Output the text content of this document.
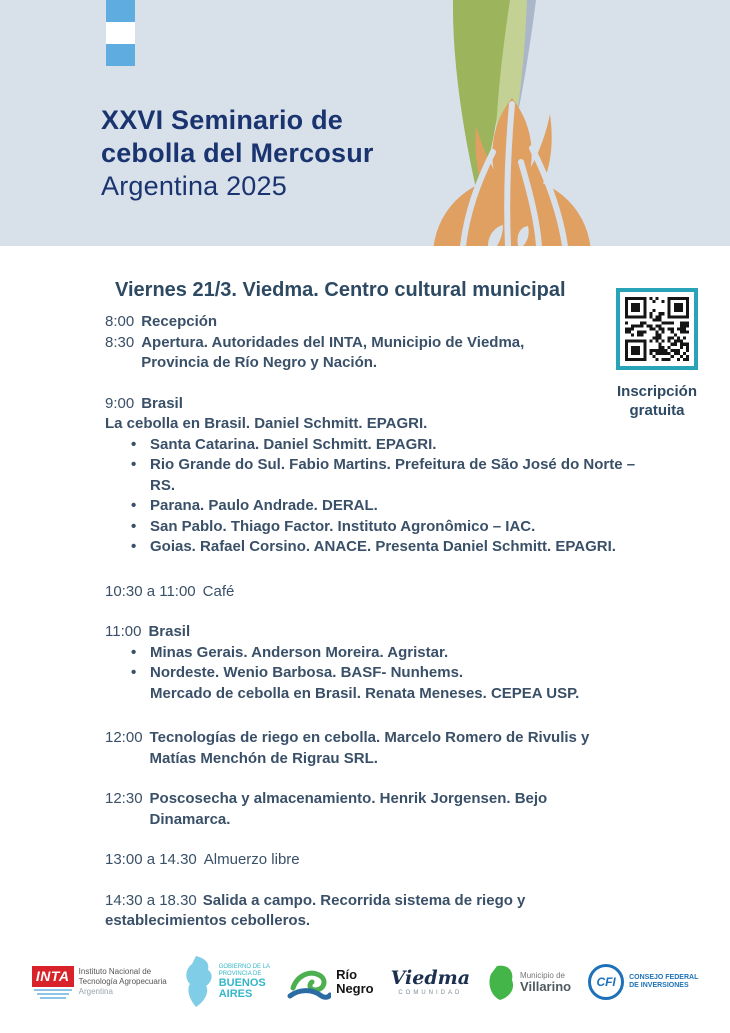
XXVI Seminario de
cebolla del Mercosur
Argentina 2025
Viernes 21/3. Viedma. Centro cultural municipal
Inscripción
gratuita
8:00 Recepción
8:30 Apertura. Autoridades del INTA, Municipio de Viedma,
Provincia de Río Negro y Nación.
9:00 Brasil
La cebolla en Brasil. Daniel Schmitt. EPAGRI.
• Santa Catarina. Daniel Schmitt. EPAGRI.
• Rio Grande do Sul. Fabio Martins. Prefeitura de São José do Norte – RS.
• Parana. Paulo Andrade. DERAL.
• San Pablo. Thiago Factor. Instituto Agronômico – IAC.
• Goias. Rafael Corsino. ANACE. Presenta Daniel Schmitt. EPAGRI.
10:30 a 11:00 Café
11:00 Brasil
• Minas Gerais. Anderson Moreira. Agristar.
• Nordeste. Wenio Barbosa. BASF- Nunhems.
Mercado de cebolla en Brasil. Renata Meneses. CEPEA USP.
12:00 Tecnologías de riego en cebolla. Marcelo Romero de Rivulis y
Matías Menchón de Rigrau SRL.
12:30 Poscosecha y almacenamiento. Henrik Jorgensen. Bejo
Dinamarca.
13:00 a 14.30 Almuerzo libre

14:30 a 18.30 Salida a campo. Recorrida sistema de riego y
establecimientos cebolleros.

INTA	Instituto Nacional de
Tecnología Agropecuaria
Argentina
GOBIERNO DE LA
PROVINCIA DE
BUENOS
AIRES
Río
Negro Viedma
COMUNIDAD
Municipio de
Villarino CFI CONSEJO FEDERAL
DE INVERSIONES
